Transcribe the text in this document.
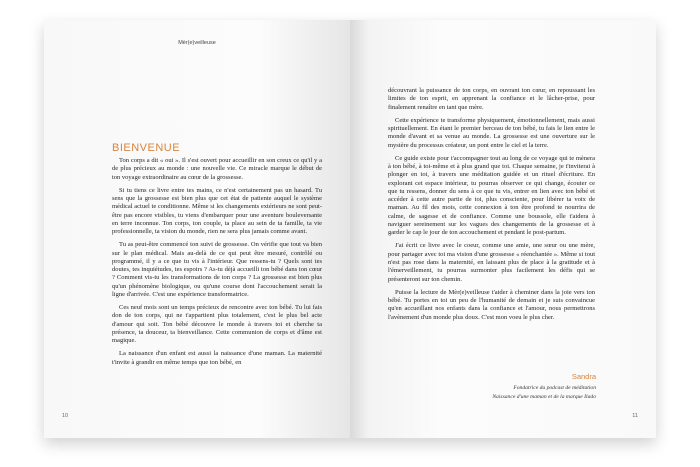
Mèr(e)veilleuse
BIENVENUE

Ton corps a dit « oui ». Il s'est ouvert pour accueillir en son creux ce qu'il y a de plus précieux au monde : une nouvelle vie. Ce miracle marque le début de ton voyage extraordinaire au cœur de la grossesse.

Si tu tiens ce livre entre tes mains, ce n'est certainement pas un hasard. Tu sens que la grossesse est bien plus que cet état de patiente auquel le système médical actuel te conditionne. Même si les changements extérieurs ne sont peut-être pas encore visibles, tu viens d'embarquer pour une aventure bouleversante en terre inconnue. Ton corps, ton couple, ta place au sein de ta famille, ta vie professionnelle, ta vision du monde, rien ne sera plus jamais comme avant.

Tu as peut-être commencé ton suivi de grossesse. On vérifie que tout va bien sur le plan médical. Mais au-delà de ce qui peut être mesuré, contrôlé ou programmé, il y a ce que tu vis à l'intérieur. Que ressens-tu ? Quels sont tes doutes, tes inquiétudes, tes espoirs ? As-tu déjà accueilli ton bébé dans ton cœur ? Comment vis-tu les transformations de ton corps ? La grossesse est bien plus qu'un phénomène biologique, ou qu'une course dont l'accouchement serait la ligne d'arrivée. C'est une expérience transformatrice.

Ces neuf mois sont un temps précieux de rencontre avec ton bébé. Tu lui fais don de ton corps, qui ne t'appartient plus totalement, c'est le plus bel acte d'amour qui soit. Ton bébé découvre le monde à travers toi et cherche ta présence, ta douceur, ta bienveillance. Cette communion de corps et d'âme est magique.

La naissance d'un enfant est aussi la naissance d'une maman. La maternité t'invite à grandir en même temps que ton bébé, en

10

découvrant la puissance de ton corps, en ouvrant ton cœur, en repoussant les limites de ton esprit, en apprenant la confiance et le lâcher-prise, pour finalement renaître en tant que mère.

Cette expérience te transforme physiquement, émotionnellement, mais aussi spirituellement. En étant le premier berceau de ton bébé, tu fais le lien entre le monde d'avant et sa venue au monde. La grossesse est une ouverture sur le mystère du processus créateur, un pont entre le ciel et la terre.

Ce guide existe pour t'accompagner tout au long de ce voyage qui te mènera à ton bébé, à toi-même et à plus grand que toi. Chaque semaine, je t'inviterai à plonger en toi, à travers une méditation guidée et un rituel d'écriture. En explorant cet espace intérieur, tu pourras observer ce qui change, écouter ce que tu ressens, donner du sens à ce que tu vis, entrer en lien avec ton bébé et accéder à cette autre partie de toi, plus consciente, pour libérer ta voix de maman. Au fil des mois, cette connexion à ton être profond te nourrira de calme, de sagesse et de confiance. Comme une boussole, elle t'aidera à naviguer sereinement sur les vagues des changements de la grossesse et à garder le cap le jour de ton accouchement et pendant le post-partum.

J'ai écrit ce livre avec le coeur, comme une amie, une sœur ou une mère, pour partager avec toi ma vision d'une grossesse « réenchantée ». Même si tout n'est pas rose dans la maternité, en laissant plus de place à la gratitude et à l'émerveillement, tu pourras surmonter plus facilement les défis qui se présenteront sur ton chemin.

Puisse la lecture de Mèr(e)veilleuse t'aider à cheminer dans la joie vers ton bébé. Tu portes en toi un peu de l'humanité de demain et je suis convaincue qu'en accueillant nos enfants dans la confiance et l'amour, nous permettrons l'avènement d'un monde plus doux. C'est mon voeu le plus cher.

Sandra
Fondatrice du podcast de méditation
Naissance d'une maman et de la marque Ilado
11
